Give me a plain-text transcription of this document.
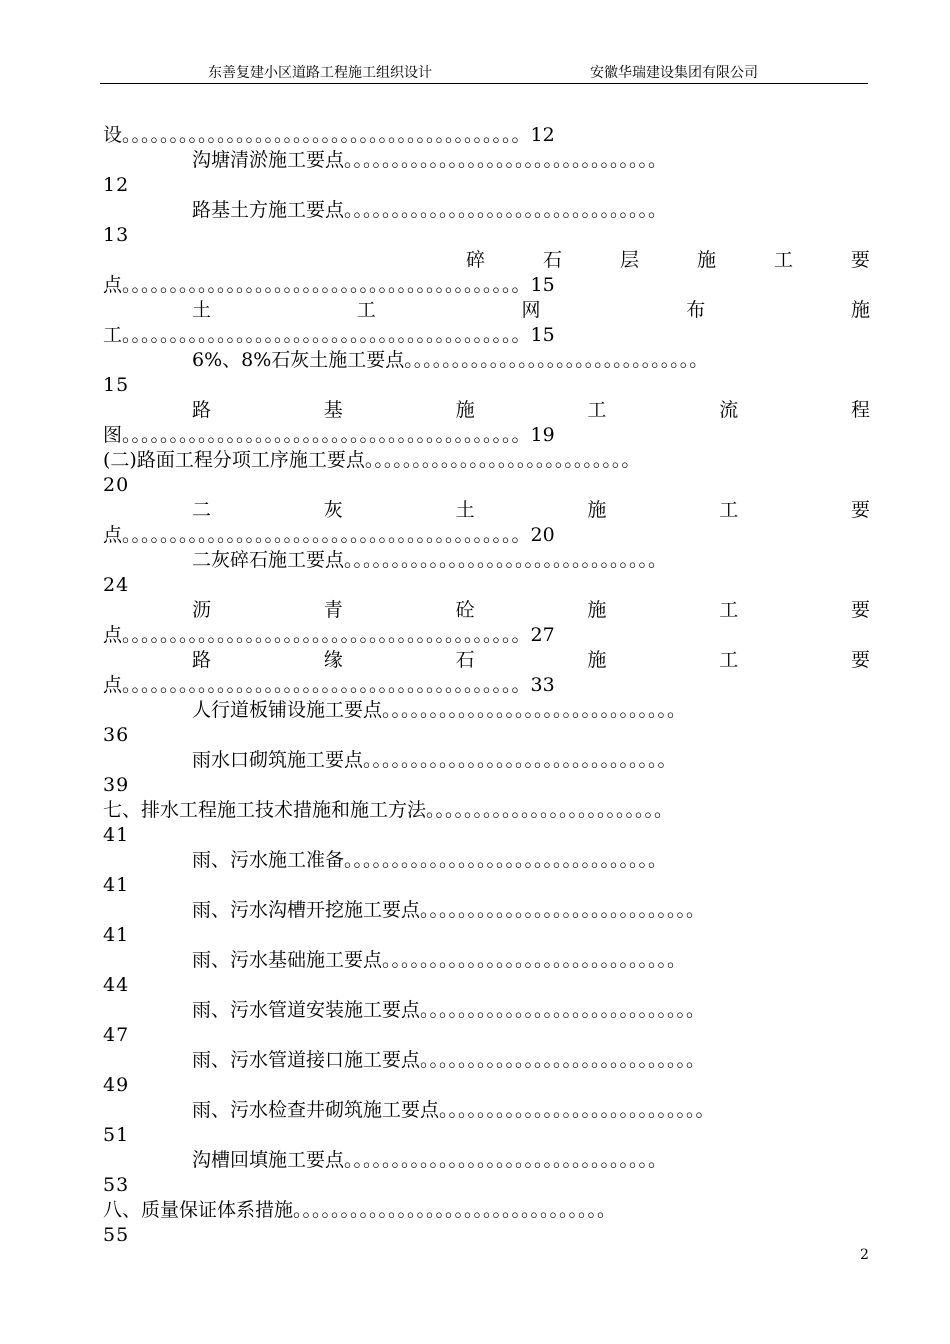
东善复建小区道路工程施工组织设计	安徽华瑞建设集团有限公司
设。。。。。。。。。。。。。。。。。。。。。。。。。。。。。。。。。。。。。。。。。。12
沟塘清淤施工要点。。。。。。。。。。。。。。。。。。。。。。。。。。。。。。。。。
12
路基土方施工要点。。。。。。。。。。。。。。。。。。。。。。。。。。。。。。。。。
13
碎	石	层	施	工	要
点。。。。。。。。。。。。。。。。。。。。。。。。。。。。。。。。。。。。。。。。。。15
土	工	网	布	施
工。。。。。。。。。。。。。。。。。。。。。。。。。。。。。。。。。。。。。。。。。。15
6%、8%石灰土施工要点。。。。。。。。。。。。。。。。。。。。。。。。。。。。。。。
15
路	基	施	工	流	程
图。。。。。。。。。。。。。。。。。。。。。。。。。。。。。。。。。。。。。。。。。。19
(二)路面工程分项工序施工要点。。。。。。。。。。。。。。。。。。。。。。。。。。。。
20
二	灰	土	施	工	要
点。。。。。。。。。。。。。。。。。。。。。。。。。。。。。。。。。。。。。。。。。。20
二灰碎石施工要点。。。。。。。。。。。。。。。。。。。。。。。。。。。。。。。。。
24
沥	青	砼	施	工	要
点。。。。。。。。。。。。。。。。。。。。。。。。。。。。。。。。。。。。。。。。。。27
路	缘	石	施	工	要
点。。。。。。。。。。。。。。。。。。。。。。。。。。。。。。。。。。。。。。。。。。33
人行道板铺设施工要点。。。。。。。。。。。。。。。。。。。。。。。。。。。。。。。
36
雨水口砌筑施工要点。。。。。。。。。。。。。。。。。。。。。。。。。。。。。。。。
39
七、排水工程施工技术措施和施工方法。。。。。。。。。。。。。。。。。。。。。。。。。
41
雨、污水施工准备。。。。。。。。。。。。。。。。。。。。。。。。。。。。。。。。。
41
雨、污水沟槽开挖施工要点。。。。。。。。。。。。。。。。。。。。。。。。。。。。。
41
雨、污水基础施工要点。。。。。。。。。。。。。。。。。。。。。。。。。。。。。。。
44
雨、污水管道安装施工要点。。。。。。。。。。。。。。。。。。。。。。。。。。。。。
47
雨、污水管道接口施工要点。。。。。。。。。。。。。。。。。。。。。。。。。。。。。
49
雨、污水检查井砌筑施工要点。。。。。。。。。。。。。。。。。。。。。。。。。。。。
51
沟槽回填施工要点。。。。。。。。。。。。。。。。。。。。。。。。。。。。。。。。。
53
八、质量保证体系措施。。。。。。。。。。。。。。。。。。。。。。。。。。。。。。。。。
55
2
